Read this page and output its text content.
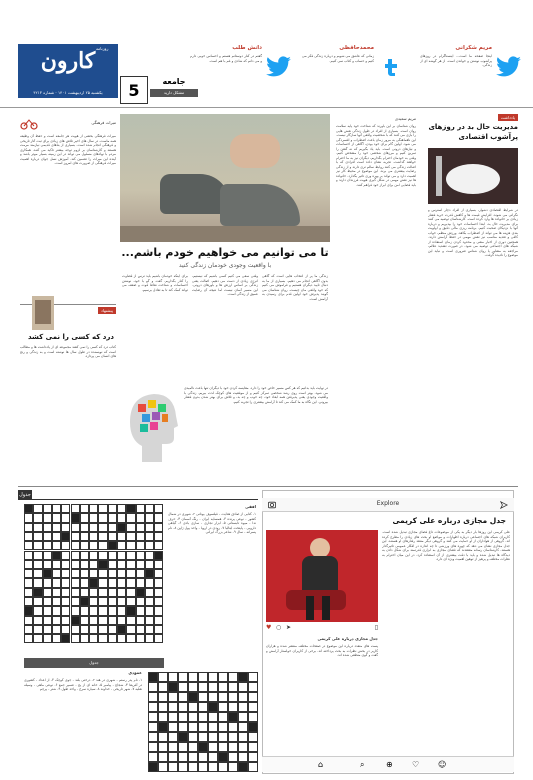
کارون روزنامه
یکشنبه ۲۵ اردیبهشت ۱۴۰۱ · شماره ۴۲۱۳
مریم شکرانی
اینجا صفحه ما است... اینستاگرام در روزهای پرآشوب نوشتن و خواندن است. از هر گوشه ای از زندگی.
محمدحافظی
زمانی که عاشق می شویم و درباره زندگی فکر می کنیم و حساب و کتاب نمی کنیم.
دانش طلب
گفتم در کنار دوستانم هستم و احساس خوبی دارم و می دانم که شادی و غم با هم است.
5	جامعه
مشکل دارید
میراث فرهنگی
میراث فرهنگی بخشی از هویت هر جامعه است و حفظ آن وظیفه همه ماست. در سال های اخیر تلاش های زیادی برای ثبت آثار تاریخی و فرهنگی انجام شده است. بسیاری از بناهای قدیمی نیازمند مرمت هستند و کارشناسان بر لزوم توجه بیشتر تاکید می کنند. همکاری مردم با نهادهای مسئول می تواند در این زمینه بسیار موثر باشد و آینده این میراث را تضمین کند. آموزش نسل جوان درباره اهمیت میراث فرهنگی از ضرورت های امروز است.
پیشنهاد
درد که کسی را نمی کشد
کتاب درد که کسی را نمی کشد مجموعه ای از یادداشت ها و مطالب است که نویسنده در طول سال ها نوشته است و به زندگی و رنج های انسان می پردازد.
تا می توانیم می خواهیم خودم باشم...
با واقعیت وجودی خودمان زندگی کنید
زندگی ما پر از انتخاب هایی است که گاهی بدون آگاهی انجام می دهیم. بسیاری از ما به دنبال تایید دیگران هستیم و فراموش می کنیم که خود واقعی مان چیست. روان شناسان می گویند پذیرش خود اولین قدم برای رسیدن به آرامش است.
وقتی سعی می کنیم کسی باشیم که نیستیم، انرژی زیادی از دست می دهیم. اصالت یعنی زندگی بر اساس ارزش ها و باورهای درونی. این مسیر آسان نیست اما نتیجه آن رضایت عمیق از زندگی است.
برای اینکه خودمان باشیم باید ترس از قضاوت را کنار بگذاریم. گفت و گو با خود، نوشتن احساسات و شناخت نقاط قوت و ضعف می تواند کمک کند تا به تعادل برسیم.
در نهایت باید بدانیم که هر کس مسیر خاص خود را دارد. مقایسه کردن خود با دیگران تنها باعث ناامیدی می شود. بهتر است روی رشد شخصی تمرکز کنیم و از موفقیت های کوچک لذت ببریم. زندگی با واقعیت وجودی یعنی پذیرفتن همه ابعاد خود، چه خوب و چه بد، و تلاش برای بهتر شدن بدون فشار بیرونی. این نگاه به ما کمک می کند تا آرامش بیشتری را تجربه کنیم.
مریم سعیدی
روان شناسان بر این باورند که شناخت خود پایه سلامت روان است. بسیاری از افراد در طول زندگی نقش هایی را بازی می کنند که با شخصیت واقعی آنها سازگار نیست. این ناهماهنگی به مرور زمان باعث اضطراب و افسردگی می شود. اولین گام برای خود بودن، آگاهی از احساسات و نیازهای درونی است. باید یاد بگیریم که نه گفتن را تمرین کنیم و مرزهای شخصی خود را مشخص کنیم. وقتی به خودمان احترام بگذاریم، دیگران نیز به ما احترام خواهند گذاشت. تجربه نشان داده است افرادی که با اصالت زندگی می کنند روابط سالم تری دارند و از زندگی رضایت بیشتری می برند. این موضوع در محیط کار نیز اهمیت دارد و می تواند بر بهره وری تاثیر بگذارد. خانواده ها نیز نقش مهمی در شکل گیری هویت فرزندان دارند و باید فضایی امن برای ابراز خود فراهم کنند.
یادداشت
مدیریت حال بد در روزهای پرآشوب اقتصادی
در شرایط اقتصادی دشوار، بسیاری از افراد دچار استرس و نگرانی می شوند. افزایش قیمت ها و کاهش قدرت خرید فشار زیادی بر خانواده ها وارد کرده است. کارشناسان توصیه می کنند برای مدیریت حال بد، ابتدا احساسات خود را بپذیریم و درباره آنها با نزدیکان صحبت کنیم. برنامه ریزی مالی دقیق و اولویت بندی هزینه ها می تواند از اضطراب بکاهد. ورزش منظم، خواب کافی و تغذیه مناسب نیز نقش مهمی در حفظ آرامش دارند. همچنین دوری از اخبار منفی و محدود کردن زمان استفاده از شبکه های اجتماعی توصیه می شود. در صورت تشدید علائم، مراجعه به مشاور یا روان شناس ضروری است و نباید این موضوع را نادیده گرفت.
جدول
افقی
۱- کتابی از صادق هدایت - فیلسوف یونانی ۲- شهری در شمال کشور - نوعی پرنده ۳- همسایه ایران - رنگ آسمان ۴- حرف ندا - میوه تابستانی ۵- ابزار نجاری - سازی بادی ۶- گیاهی دارویی - پایتخت ایتالیا ۷- رودی در اروپا - واحد پول ژاپن ۸- نام پسرانه - سال ۹- شاعر بزرگ ایرانی
جدول
عمودی
۱- نام پدر رستم - شهری در هند ۲- درختی بلند - جوی کوچک ۳- از اعداد - کشوری در آفریقا ۴- شجاع - پیامبر ۵- خانه ای از یخ - ضمیر جمع ۶- نوعی ماهی - وسیله نقلیه ۷- شهر تاریخی - خداوند ۸- سیاره سرخ - واحد طول ۹- شتر - پرچم
Explore
جدل مجازی درباره علی کریمی
♥ ○ ➤	▯
علی کریمی این روزها بار دیگر به یکی از موضوعات داغ فضای مجازی تبدیل شده است. کاربران شبکه های اجتماعی درباره اظهارات و مواضع او بحث های زیادی را مطرح کرده اند. گروهی از هواداران از او حمایت می کنند و گروهی دیگر منتقد رفتارهای او هستند. این جدل مجازی نشان می دهد که چهره های ورزشی تا چه اندازه در افکار عمومی تاثیرگذار هستند. کارشناسان رسانه معتقدند که فضای مجازی به ابزاری قدرتمند برای شکل دادن به دیدگاه ها تبدیل شده و باید با دقت بیشتری از آن استفاده کرد. در این میان احترام به نظرات مختلف و پرهیز از توهین اهمیت ویژه ای دارد.
جدل مجازی درباره علی کریمی
پست های متعدد درباره این موضوع در صفحات مختلف منتشر شده و هزاران کاربر در بخش نظرات به بحث پرداخته اند. برخی از کاربران خواستار آرامش و گفت و گوی منطقی شده اند.
⌂	⌕	⊕ ♡ ☺
